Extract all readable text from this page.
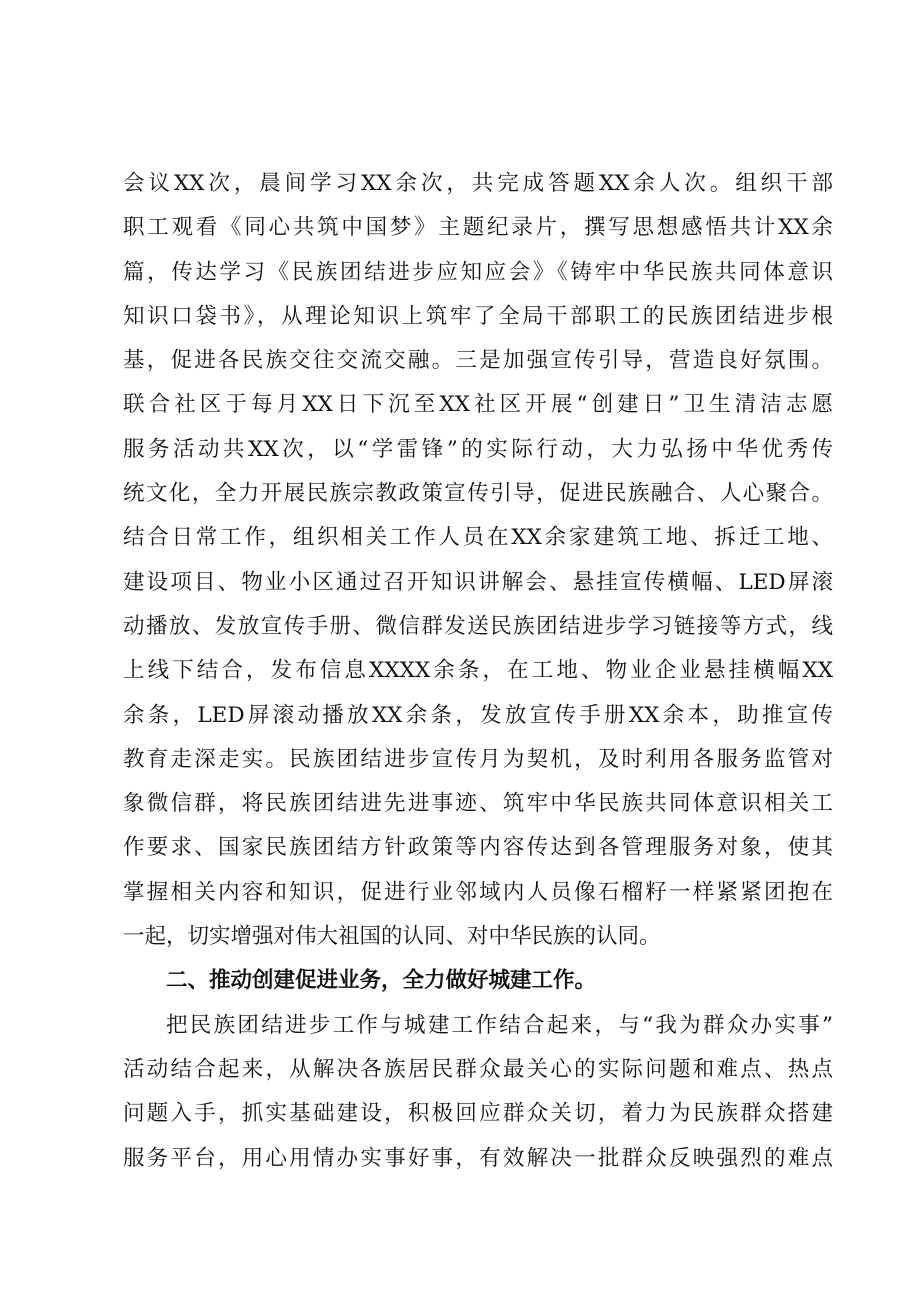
会议XX次，晨间学习XX余次，共完成答题XX余人次。组织干部
职工观看《同心共筑中国梦》主题纪录片，撰写思想感悟共计XX余
篇，传达学习《民族团结进步应知应会》《铸牢中华民族共同体意识
知识口袋书》，从理论知识上筑牢了全局干部职工的民族团结进步根
基，促进各民族交往交流交融。三是加强宣传引导，营造良好氛围。
联合社区于每月XX日下沉至XX社区开展“创建日”卫生清洁志愿
服务活动共XX次，以“学雷锋”的实际行动，大力弘扬中华优秀传
统文化，全力开展民族宗教政策宣传引导，促进民族融合、人心聚合。
结合日常工作，组织相关工作人员在XX余家建筑工地、拆迁工地、
建设项目、物业小区通过召开知识讲解会、悬挂宣传横幅、LED屏滚
动播放、发放宣传手册、微信群发送民族团结进步学习链接等方式，线
上线下结合，发布信息XXXX余条，在工地、物业企业悬挂横幅XX
余条，LED屏滚动播放XX余条，发放宣传手册XX余本，助推宣传
教育走深走实。民族团结进步宣传月为契机，及时利用各服务监管对
象微信群，将民族团结进先进事迹、筑牢中华民族共同体意识相关工
作要求、国家民族团结方针政策等内容传达到各管理服务对象，使其
掌握相关内容和知识，促进行业邻域内人员像石榴籽一样紧紧团抱在
一起，切实增强对伟大祖国的认同、对中华民族的认同。
二、推动创建促进业务，全力做好城建工作。
把民族团结进步工作与城建工作结合起来，与“我为群众办实事”
活动结合起来，从解决各族居民群众最关心的实际问题和难点、热点
问题入手，抓实基础建设，积极回应群众关切，着力为民族群众搭建
服务平台，用心用情办实事好事，有效解决一批群众反映强烈的难点
